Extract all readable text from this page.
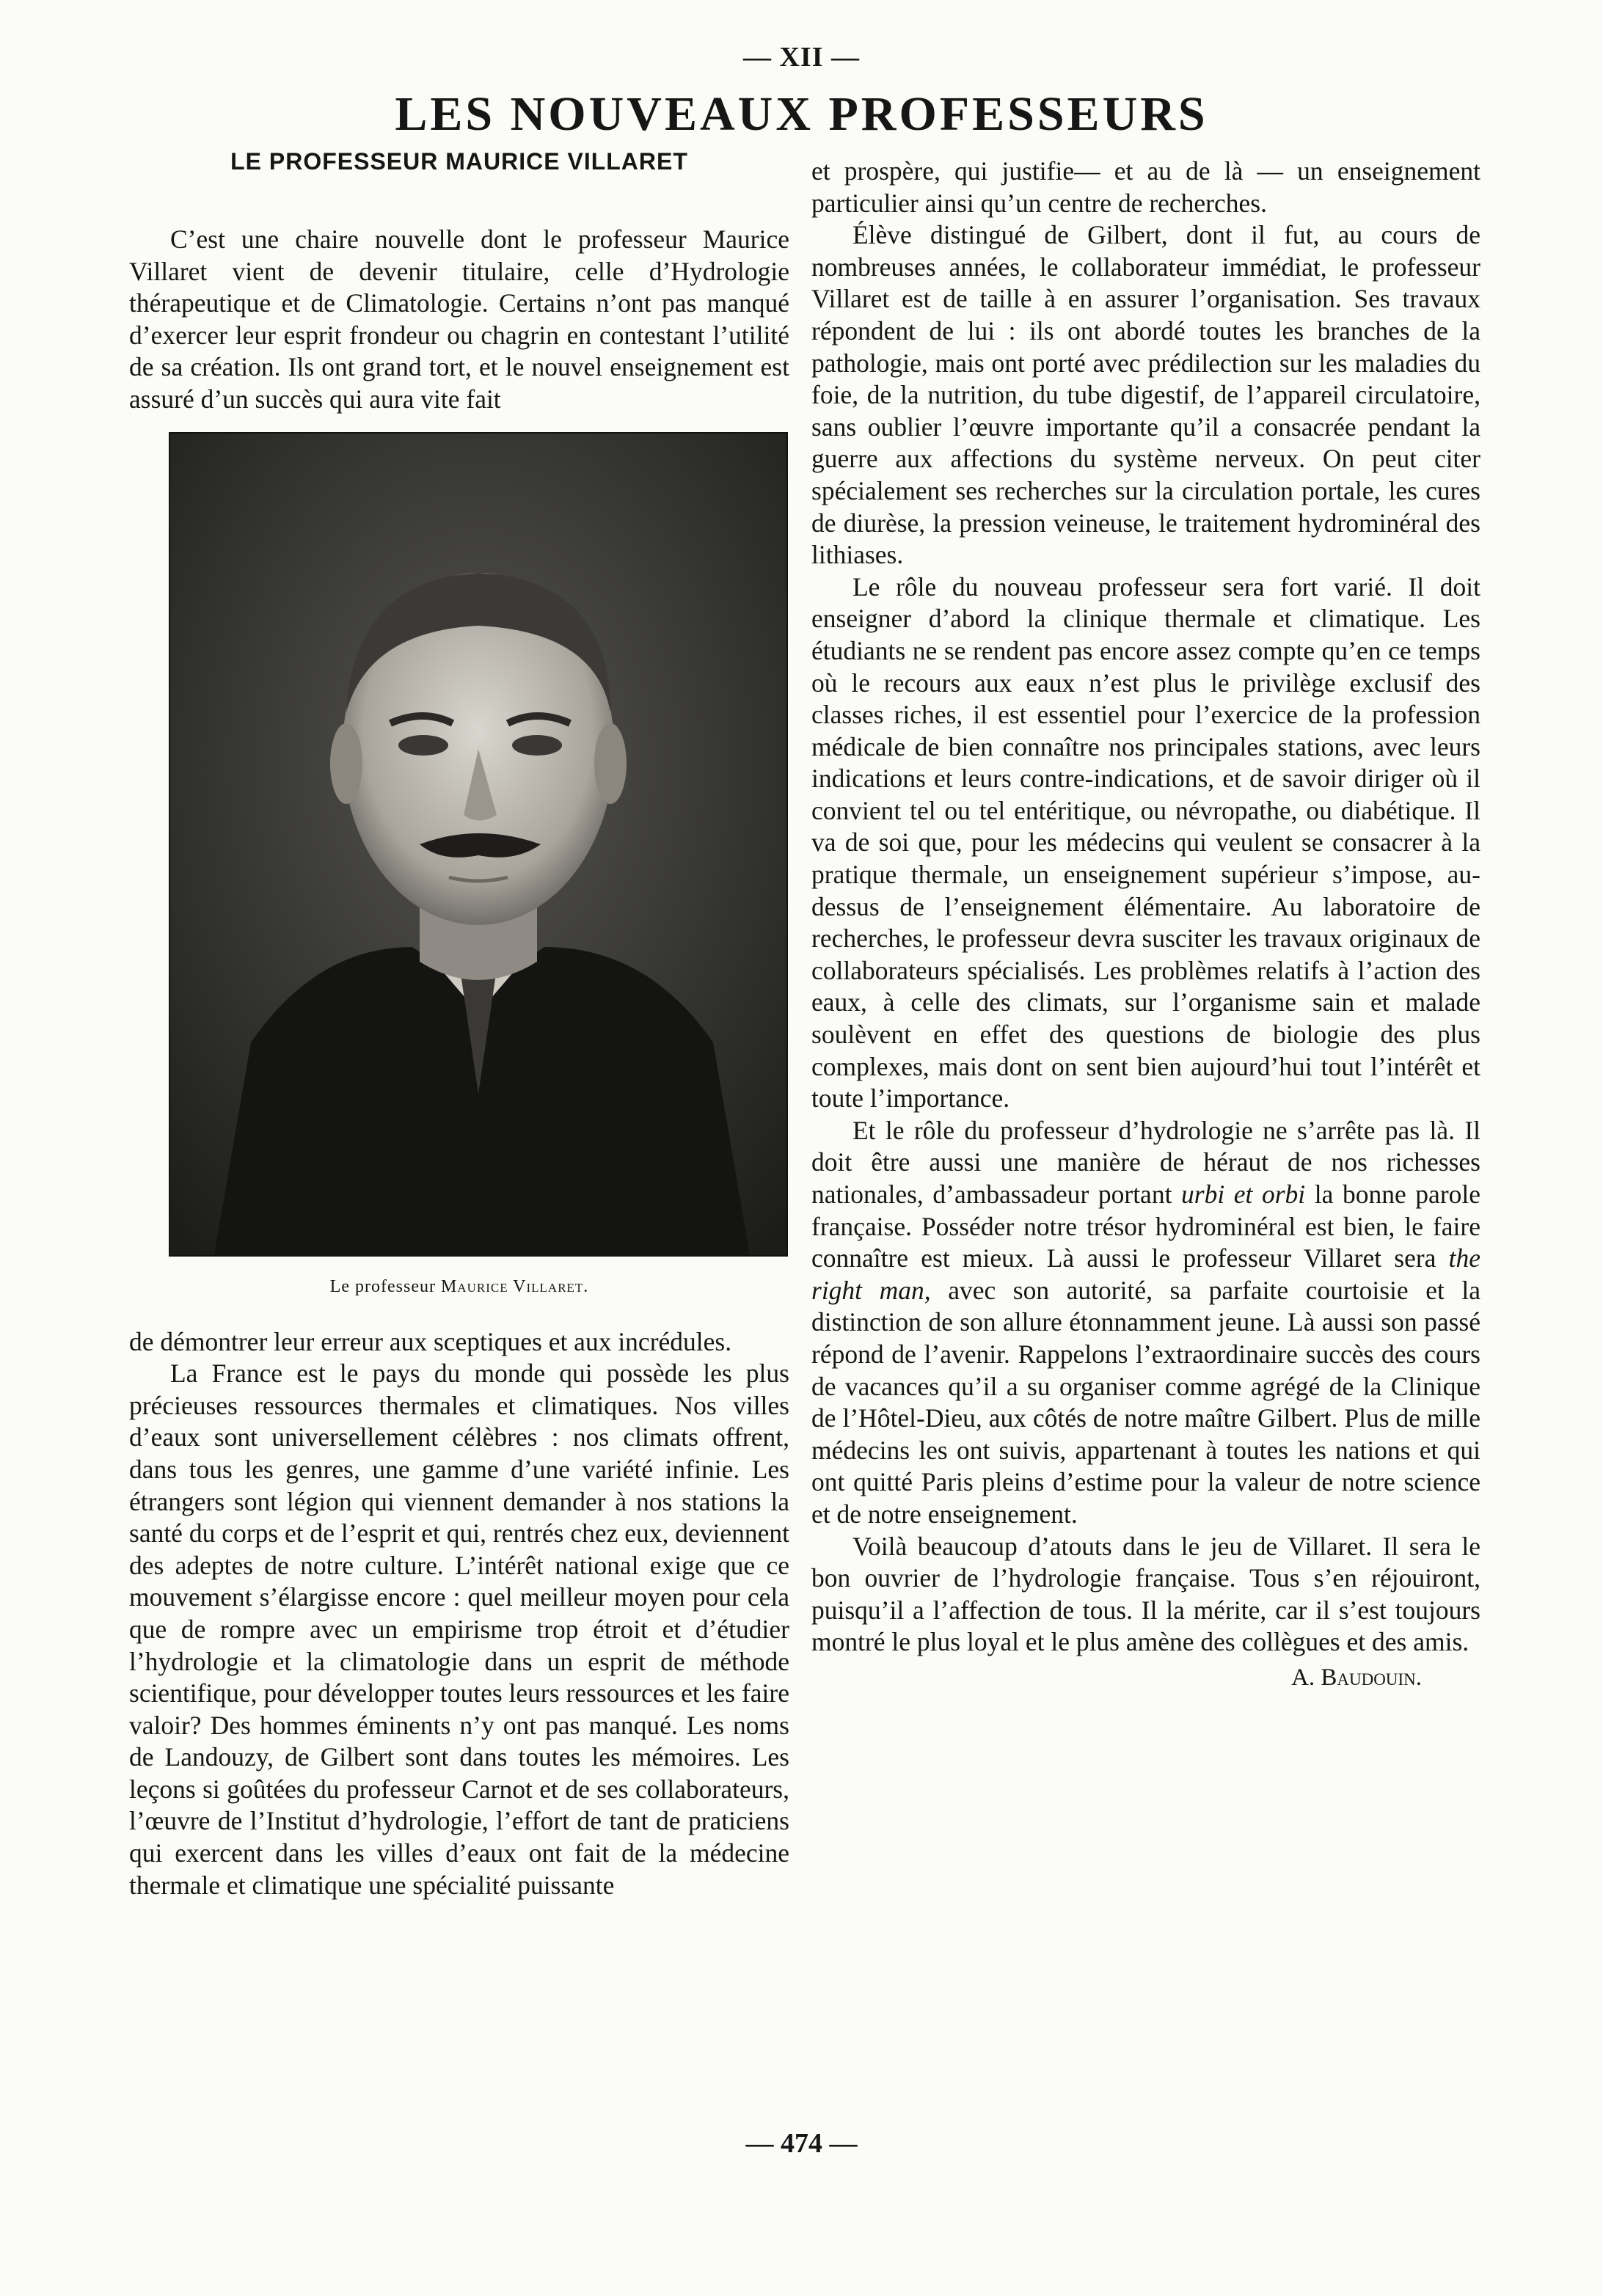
— XII —
LES NOUVEAUX PROFESSEURS
LE PROFESSEUR MAURICE VILLARET

C’est une chaire nouvelle dont le professeur Maurice Villaret vient de devenir titulaire, celle d’Hydrologie thérapeutique et de Climatologie. Certains n’ont pas manqué d’exercer leur esprit frondeur ou chagrin en contestant l’utilité de sa création. Ils ont grand tort, et le nouvel enseignement est assuré d’un succès qui aura vite fait

Le professeur Maurice Villaret.

de démontrer leur erreur aux sceptiques et aux incrédules.

La France est le pays du monde qui possède les plus précieuses ressources thermales et climatiques. Nos villes d’eaux sont universellement célèbres : nos climats offrent, dans tous les genres, une gamme d’une variété infinie. Les étrangers sont légion qui viennent demander à nos stations la santé du corps et de l’esprit et qui, rentrés chez eux, deviennent des adeptes de notre culture. L’intérêt national exige que ce mouvement s’élargisse encore : quel meilleur moyen pour cela que de rompre avec un empirisme trop étroit et d’étudier l’hydrologie et la climatologie dans un esprit de méthode scientifique, pour développer toutes leurs ressources et les faire valoir? Des hommes éminents n’y ont pas manqué. Les noms de Landouzy, de Gilbert sont dans toutes les mémoires. Les leçons si goûtées du professeur Carnot et de ses collaborateurs, l’œuvre de l’Institut d’hydrologie, l’effort de tant de praticiens qui exercent dans les villes d’eaux ont fait de la médecine thermale et climatique une spécialité puissante

et prospère, qui justifie— et au de là — un enseignement particulier ainsi qu’un centre de recherches.

Élève distingué de Gilbert, dont il fut, au cours de nombreuses années, le collaborateur immédiat, le professeur Villaret est de taille à en assurer l’organisation. Ses travaux répondent de lui : ils ont abordé toutes les branches de la pathologie, mais ont porté avec prédilection sur les maladies du foie, de la nutrition, du tube digestif, de l’appareil circulatoire, sans oublier l’œuvre importante qu’il a consacrée pendant la guerre aux affections du système nerveux. On peut citer spécialement ses recherches sur la circulation portale, les cures de diurèse, la pression veineuse, le traitement hydrominéral des lithiases.

Le rôle du nouveau professeur sera fort varié. Il doit enseigner d’abord la clinique thermale et climatique. Les étudiants ne se rendent pas encore assez compte qu’en ce temps où le recours aux eaux n’est plus le privilège exclusif des classes riches, il est essentiel pour l’exercice de la profession médicale de bien connaître nos principales stations, avec leurs indications et leurs contre-indications, et de savoir diriger où il convient tel ou tel entéritique, ou névropathe, ou diabétique. Il va de soi que, pour les médecins qui veulent se consacrer à la pratique thermale, un enseignement supérieur s’impose, au-dessus de l’enseignement élémentaire. Au laboratoire de recherches, le professeur devra susciter les travaux originaux de collaborateurs spécialisés. Les problèmes relatifs à l’action des eaux, à celle des climats, sur l’organisme sain et malade soulèvent en effet des questions de biologie des plus complexes, mais dont on sent bien aujourd’hui tout l’intérêt et toute l’importance.

Et le rôle du professeur d’hydrologie ne s’arrête pas là. Il doit être aussi une manière de héraut de nos richesses nationales, d’ambassadeur portant urbi et orbi la bonne parole française. Posséder notre trésor hydrominéral est bien, le faire connaître est mieux. Là aussi le professeur Villaret sera the right man, avec son autorité, sa parfaite courtoisie et la distinction de son allure étonnamment jeune. Là aussi son passé répond de l’avenir. Rappelons l’extraordinaire succès des cours de vacances qu’il a su organiser comme agrégé de la Clinique de l’Hôtel-Dieu, aux côtés de notre maître Gilbert. Plus de mille médecins les ont suivis, appartenant à toutes les nations et qui ont quitté Paris pleins d’estime pour la valeur de notre science et de notre enseignement.

Voilà beaucoup d’atouts dans le jeu de Villaret. Il sera le bon ouvrier de l’hydrologie française. Tous s’en réjouiront, puisqu’il a l’affection de tous. Il la mérite, car il s’est toujours montré le plus loyal et le plus amène des collègues et des amis.

A. Baudouin.
— 474 —
